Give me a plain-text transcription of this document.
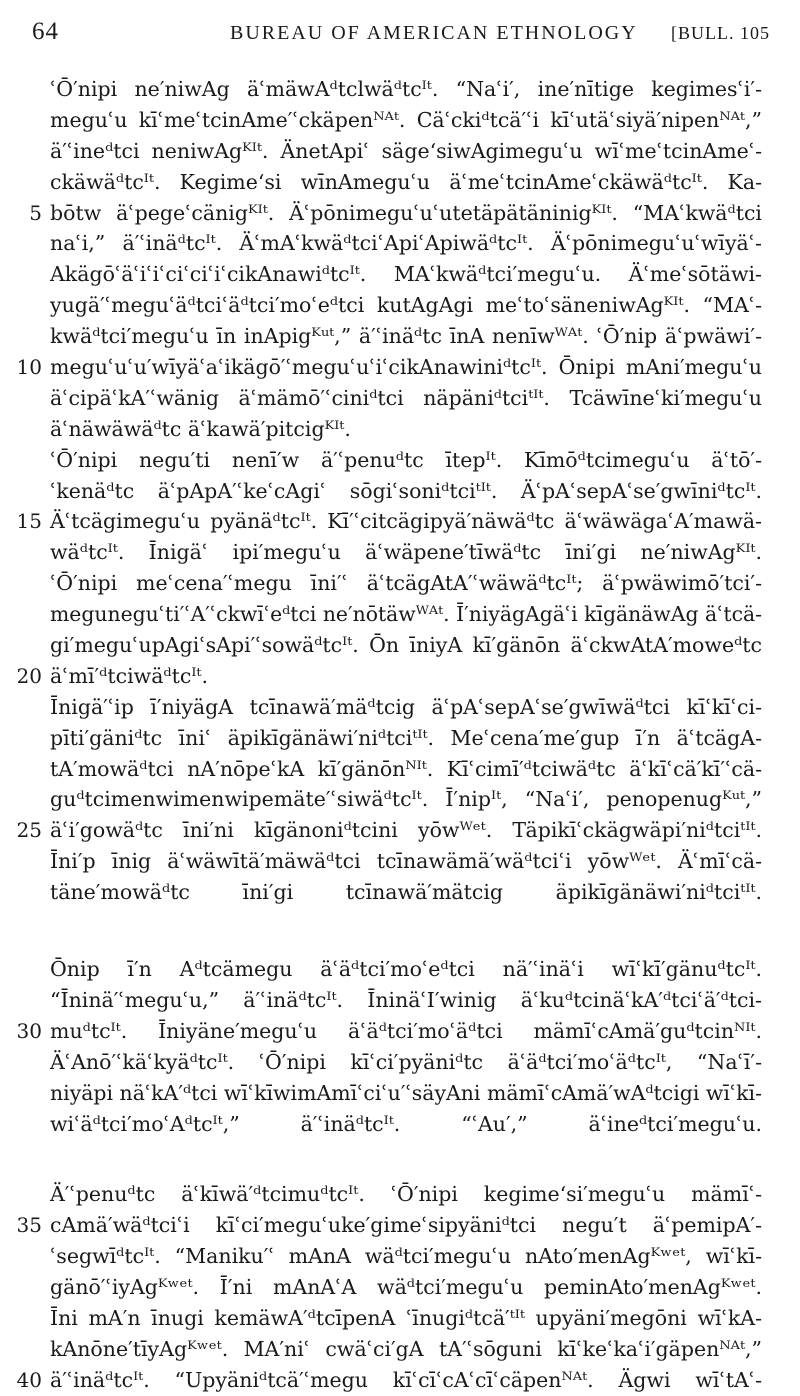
64	BUREAU OF AMERICAN ETHNOLOGY [BULL. 105
ʿŌ′nipi ne′niwAg äʿmäwAᵈtclwäᵈtcᴵᵗ. “Naʿi′, ine′nītige kegimesʿi′-
meguʿu kīʿmeʿtcinAme′ʿckäpenᴺᴬᵗ. Cäʿckiᵈtcä′ʿi kīʿutäʿsiyä′nipenᴺᴬᵗ,”
ä′ʿineᵈtci neniwAgᴷᴵᵗ. ÄnetApiʿ säge‘siwAgimeguʿu wīʿmeʿtcinAmeʿ-
ckäwäᵈtcᴵᵗ. Kegime‘si wīnAmeguʿu äʿmeʿtcinAmeʿckäwäᵈtcᴵᵗ. Ka-
5 bōtw äʿpegeʿcänigᴷᴵᵗ. Äʿpōnimeguʿuʿutetäpätäninigᴷᴵᵗ. “MAʿkwäᵈtci
naʿi,” ä′ʿinäᵈtcᴵᵗ. ÄʿmAʿkwäᵈtciʿApiʿApiwäᵈtcᴵᵗ. Äʿpōnimeguʿuʿwīyäʿ-
AkägōʿäʿiʿiʿciʿciʿiʿcikAnawiᵈtcᴵᵗ. MAʿkwäᵈtci′meguʿu. Äʿmeʿsōtäwi-
yugä′ʿmeguʿäᵈtciʿäᵈtci′moʿeᵈtci kutAgAgi meʿtoʿsäneniwAgᴷᴵᵗ. “MAʿ-
kwäᵈtci′meguʿu īn inApigᴷᵘᵗ,” ä′ʿinäᵈtc īnA nenīwᵂᴬᵗ. ʿŌ′nip äʿpwäwi′-
10 meguʿuʿu′wīyäʿaʿikägō′ʿmeguʿuʿiʿcikAnawiniᵈtcᴵᵗ. Ōnipi mAni′meguʿu
äʿcipäʿkA′ʿwänig äʿmämō′ʿciniᵈtci näpäniᵈtciᵗᴵᵗ. Tcäwīneʿki′meguʿu
äʿnäwäwäᵈtc äʿkawä′pitcigᴷᴵᵗ.
ʿŌ′nipi negu′ti nenī′w ä′ʿpenuᵈtc ītepᴵᵗ. Kīmōᵈtcimeguʿu äʿtō′-
ʿkenäᵈtc äʿpApA′ʿkeʿcAgiʿ sōgiʿsoniᵈtciᵗᴵᵗ. ÄʿpAʿsepAʿse′gwīniᵈtcᴵᵗ.
15 Äʿtcägimeguʿu pyänäᵈtcᴵᵗ. Kī′ʿcitcägipyä′näwäᵈtc äʿwäwägaʿA′mawä-
wäᵈtcᴵᵗ. Īnigäʿ ipi′meguʿu äʿwäpene′tīwäᵈtc īni′gi ne′niwAgᴷᴵᵗ.
ʿŌ′nipi meʿcena′ʿmegu īni′ʿ äʿtcägAtA′ʿwäwäᵈtcᴵᵗ; äʿpwäwimō′tci′-
meguneguʿti′ʿA′ʿckwīʿeᵈtci ne′nōtäwᵂᴬᵗ. Ī′niyägAgäʿi kīgänäwAg äʿtcä-
gi′meguʿupAgiʿsApi′ʿsowäᵈtcᴵᵗ. Ōn īniyA kī′gänōn äʿckwAtA′moweᵈtc
20 äʿmī′ᵈtciwäᵈtcᴵᵗ.
Īnigä′ʿip ī′niyägA tcīnawä′mäᵈtcig äʿpAʿsepAʿse′gwīwäᵈtci kīʿkīʿci-
pīti′gäniᵈtc īniʿ äpikīgänäwi′niᵈtciᵗᴵᵗ. Meʿcena′me′gup ī′n äʿtcägA-
tA′mowäᵈtci nA′nōpeʿkA kī′gänōnᴺᴵᵗ. Kīʿcimī′ᵈtciwäᵈtc äʿkīʿcä′kī′ʿcä-
guᵈtcimenwimenwipemäte′ʿsiwäᵈtcᴵᵗ. Ī′nipᴵᵗ, “Naʿi′, penopenugᴷᵘᵗ,”
25 äʿi′gowäᵈtc īni′ni kīgänoniᵈtcini yōwᵂᵉᵗ. Täpikīʿckägwäpi′niᵈtciᵗᴵᵗ.
Īni′p īnig äʿwäwītä′mäwäᵈtci tcīnawämä′wäᵈtciʿi yōwᵂᵉᵗ. Äʿmīʿcä-
täne′mowäᵈtc īni′gi tcīnawä′mätcig äpikīgänäwi′niᵈtciᵗᴵᵗ.
Ōnip ī′n Aᵈtcämegu äʿäᵈtci′moʿeᵈtci nä′ʿinäʿi wīʿkī′gänuᵈtcᴵᵗ.
“Īninä′ʿmeguʿu,” ä′ʿinäᵈtcᴵᵗ. ĪninäʿI′winig äʿkuᵈtcinäʿkA′ᵈtciʿä′ᵈtci-
30 muᵈtcᴵᵗ. Īniyäne′meguʿu äʿäᵈtci′moʿäᵈtci mämīʿcAmä′guᵈtcinᴺᴵᵗ.
ÄʿAnō′ʿkäʿkyäᵈtcᴵᵗ. ʿŌ′nipi kīʿci′pyäniᵈtc äʿäᵈtci′moʿäᵈtcᴵᵗ, “Naʿī′-
niyäpi näʿkA′ᵈtci wīʿkīwimAmīʿciʿu′ʿsäyAni mämīʿcAmä′wAᵈtcigi wīʿkī-
wiʿäᵈtci′moʿAᵈtcᴵᵗ,” ä′ʿinäᵈtcᴵᵗ. “ʿAu′,” äʿineᵈtci′meguʿu.
Ä′ʿpenuᵈtc äʿkīwä′ᵈtcimuᵈtcᴵᵗ. ʿŌ′nipi kegime‘si′meguʿu mämīʿ-
35 cAmä′wäᵈtciʿi kīʿci′meguʿuke′gimeʿsipyäniᵈtci negu′t äʿpemipA′-
ʿsegwīᵈtcᴵᵗ. “Maniku′ʿ mAnA wäᵈtci′meguʿu nAto′menAgᴷʷᵉᵗ, wīʿkī-
gänō′ʿiyAgᴷʷᵉᵗ. Ī′ni mAnAʿA wäᵈtci′meguʿu peminAto′menAgᴷʷᵉᵗ.
Īni mA′n īnugi kemäwA′ᵈtcīpenA ʿīnugiᵈtcä′ᵗᴵᵗ upyäni′megōni wīʿkA-
kAnōne′tīyAgᴷʷᵉᵗ. MA′niʿ cwäʿci′gA tA′ʿsōguni kīʿkeʿkaʿi′gäpenᴺᴬᵗ,”
40 ä′ʿinäᵈtcᴵᵗ. “Upyäniᵈtcä′ʿmegu kīʿcīʿcAʿcīʿcäpenᴺᴬᵗ. Ägwi wīʿtAʿ-
